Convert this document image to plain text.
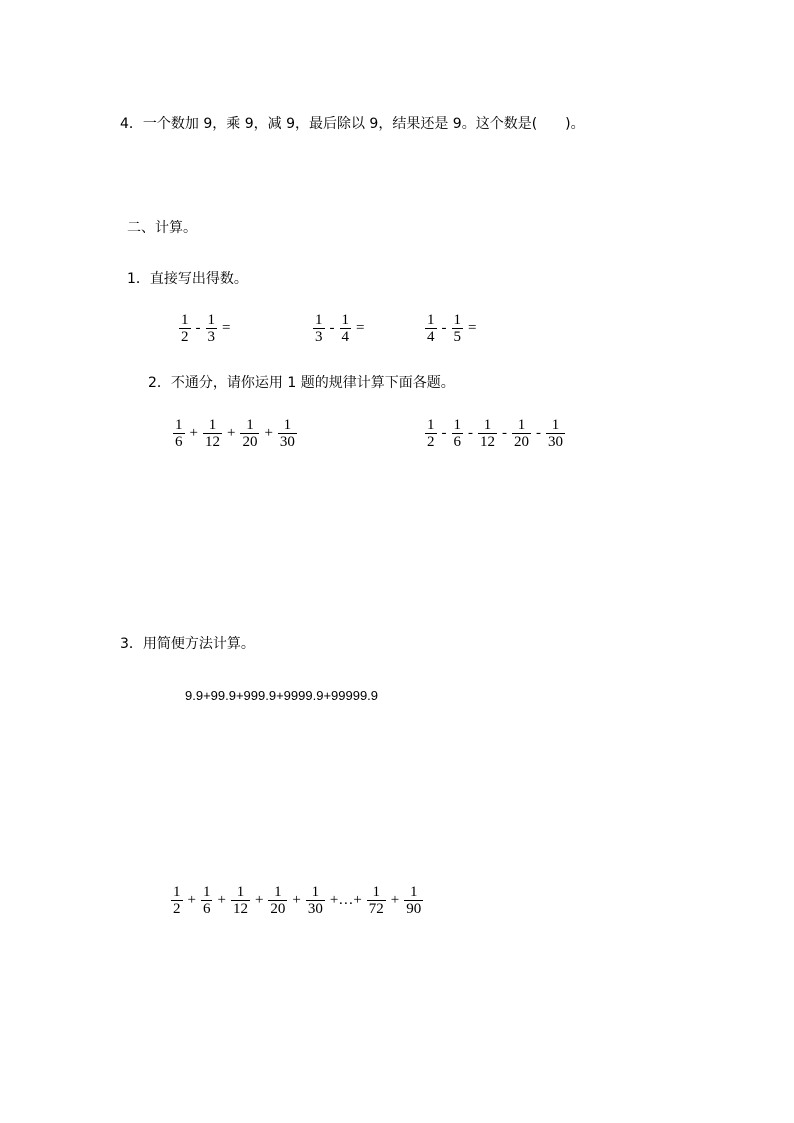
4．一个数加 9，乘 9，减 9，最后除以 9，结果还是 9。这个数是(　　)。
二、计算。
1．直接写出得数。
$\frac{1}{2} - \frac{1}{3}$ =	$\frac{1}{3} - \frac{1}{4}$ =	$\frac{1}{4} - \frac{1}{5}$ =
2．不通分，请你运用 1 题的规律计算下面各题。
$\frac{1}{6} + \frac{1}{12} + \frac{1}{20} + \frac{1}{30}$	$\frac{1}{2} - \frac{1}{6} - \frac{1}{12} - \frac{1}{20} - \frac{1}{30}$
3．用简便方法计算。
9.9+99.9+999.9+9999.9+99999.9
$\frac{1}{2} + \frac{1}{6} + \frac{1}{12} + \frac{1}{20} + \frac{1}{30}$ +…+ $\frac{1}{72} + \frac{1}{90}$
